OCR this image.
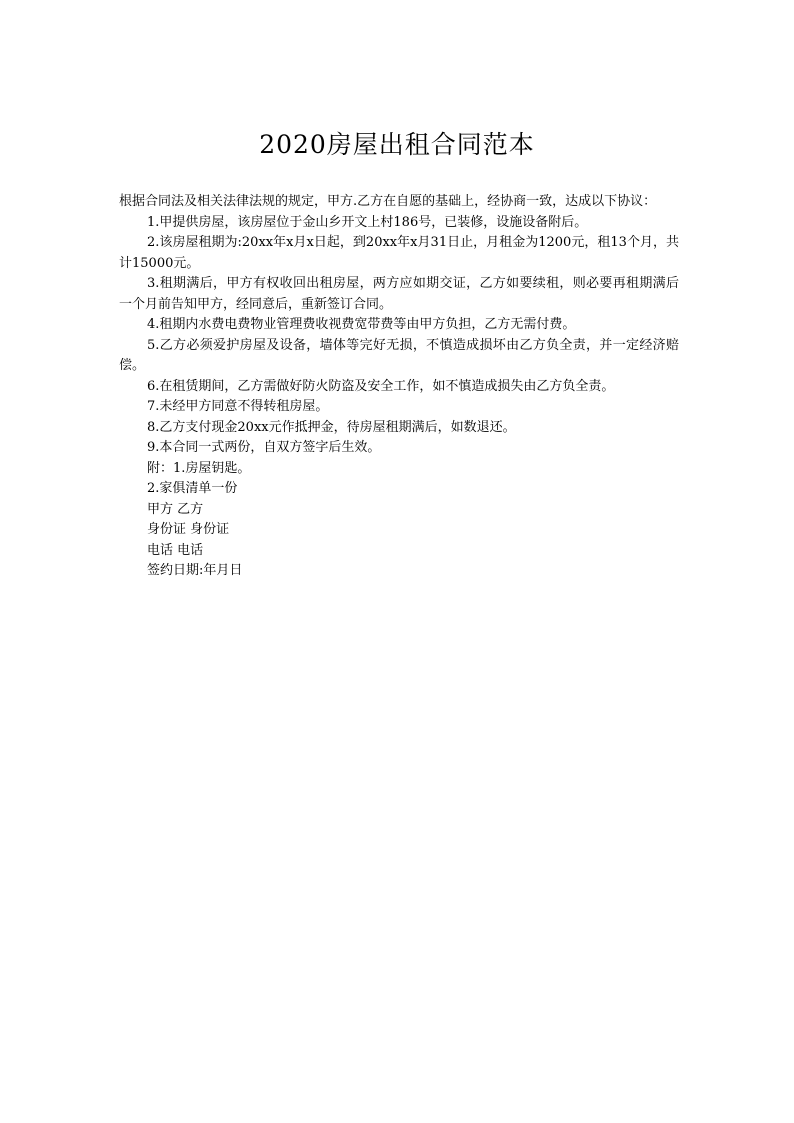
2020房屋出租合同范本

根据合同法及相关法律法规的规定，甲方.乙方在自愿的基础上，经协商一致，达成以下协议：

1.甲提供房屋，该房屋位于金山乡开文上村186号，已装修，设施设备附后。

2.该房屋租期为:20xx年x月x日起，到20xx年x月31日止，月租金为1200元，租13个月，共计15000元。

3.租期满后，甲方有权收回出租房屋，两方应如期交证，乙方如要续租，则必要再租期满后一个月前告知甲方，经同意后，重新签订合同。

4.租期内水费电费物业管理费收视费宽带费等由甲方负担，乙方无需付费。

5.乙方必须爱护房屋及设备，墙体等完好无损，不慎造成损坏由乙方负全责，并一定经济赔偿。

6.在租赁期间，乙方需做好防火防盗及安全工作，如不慎造成损失由乙方负全责。

7.未经甲方同意不得转租房屋。

8.乙方支付现金20xx元作抵押金，待房屋租期满后，如数退还。

9.本合同一式两份，自双方签字后生效。

附：1.房屋钥匙。

2.家俱清单一份

甲方 乙方

身份证 身份证

电话 电话

签约日期:年月日
